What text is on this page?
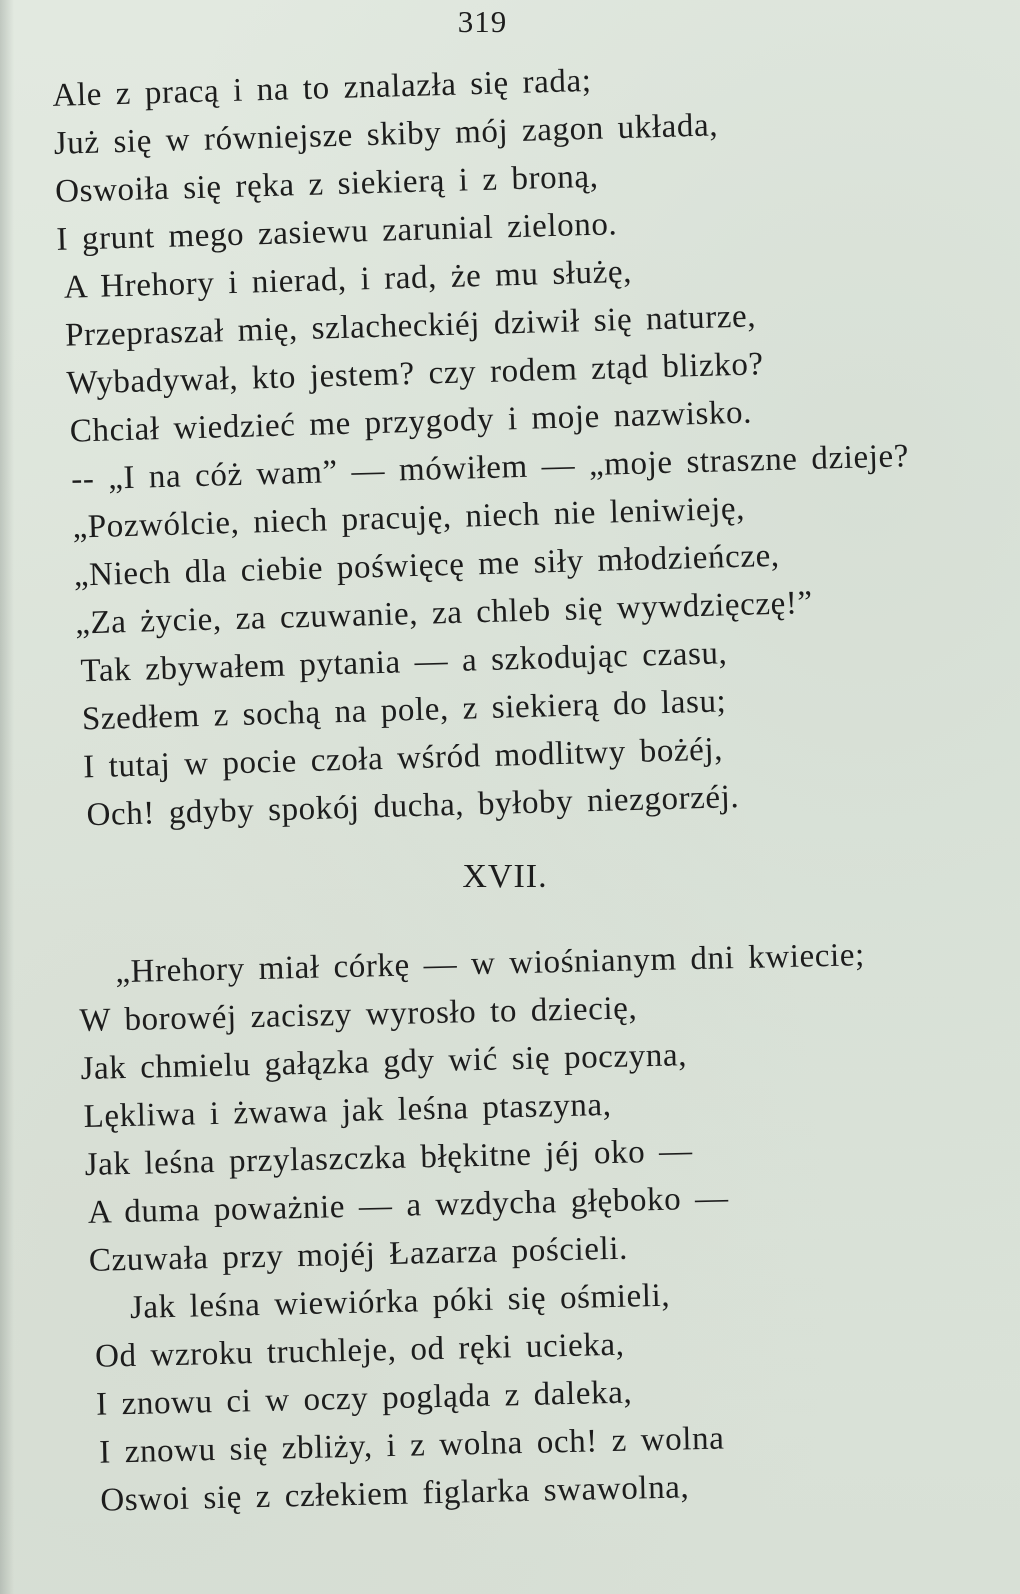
319
Ale z pracą i na to znalazła się rada;
Już się w równiejsze skiby mój zagon układa,
Oswoiła się ręka z siekierą i z broną,
I grunt mego zasiewu zarunial zielono.
A Hrehory i nierad, i rad, że mu służę,
Przepraszał mię, szlacheckiéj dziwił się naturze,
Wybadywał, kto jestem? czy rodem ztąd blizko?
Chciał wiedzieć me przygody i moje nazwisko.
-- „I na cóż wam” — mówiłem — „moje straszne dzieje?
„Pozwólcie, niech pracuję, niech nie leniwieję,
„Niech dla ciebie poświęcę me siły młodzieńcze,
„Za życie, za czuwanie, za chleb się wywdzięczę!”
Tak zbywałem pytania — a szkodując czasu,
Szedłem z sochą na pole, z siekierą do lasu;
I tutaj w pocie czoła wśród modlitwy bożéj,
Och! gdyby spokój ducha, byłoby niezgorzéj.
XVII.
„Hrehory miał córkę — w wiośnianym dni kwiecie;
W borowéj zaciszy wyrosło to dziecię,
Jak chmielu gałązka gdy wić się poczyna,
Lękliwa i żwawa jak leśna ptaszyna,
Jak leśna przylaszczka błękitne jéj oko —
A duma poważnie — a wzdycha głęboko —
Czuwała przy mojéj Łazarza pościeli.
Jak leśna wiewiórka póki się ośmieli,
Od wzroku truchleje, od ręki ucieka,
I znowu ci w oczy pogląda z daleka,
I znowu się zbliży, i z wolna och! z wolna
Oswoi się z człekiem figlarka swawolna,
